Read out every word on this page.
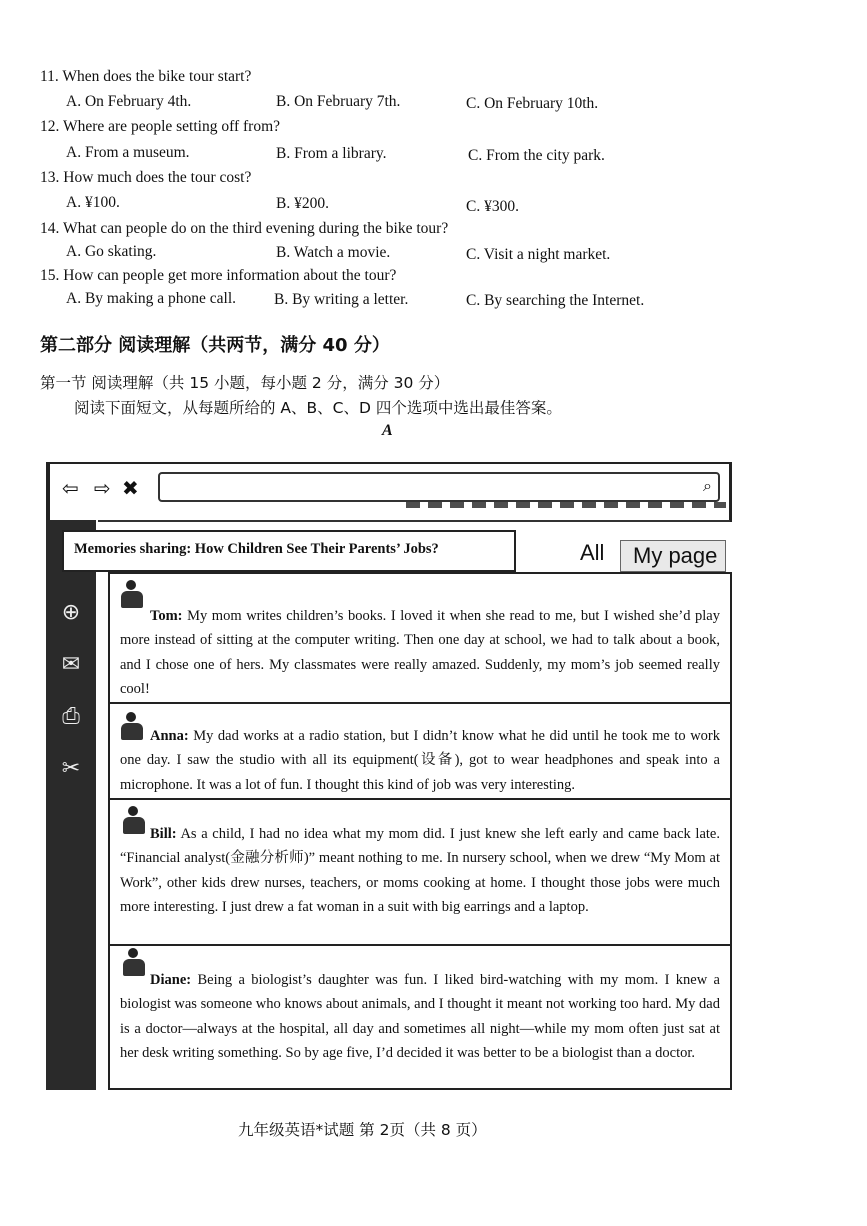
11. When does the bike tour start?
A. On February 4th.	B. On February 7th.	C. On February 10th.
12. Where are people setting off from?
A. From a museum.	B. From a library.	C. From the city park.
13. How much does the tour cost?
A. ¥100.	B. ¥200.	C. ¥300.
14. What can people do on the third evening during the bike tour?
A. Go skating.	B. Watch a movie.	C. Visit a night market.
15. How can people get more information about the tour?
A. By making a phone call. B. By writing a letter.	C. By searching the Internet.
第二部分 阅读理解（共两节，满分 40 分）
第一节 阅读理解（共 15 小题，每小题 2 分，满分 30 分）
阅读下面短文，从每题所给的 A、B、C、D 四个选项中选出最佳答案。
A
⇦ ⇨ ✖	⌕
⊕
✉
⎙
✂
Memories sharing: How Children See Their Parents’ Jobs?	All My page

Tom: My mom writes children’s books. I loved it when she read to me, but I wished she’d play more instead of sitting at the computer writing. Then one day at school, we had to talk about a book, and I chose one of hers. My classmates were really amazed. Suddenly, my mom’s job seemed really cool!

Anna: My dad works at a radio station, but I didn’t know what he did until he took me to work one day. I saw the studio with all its equipment(设备), got to wear headphones and speak into a microphone. It was a lot of fun. I thought this kind of job was very interesting.

Bill: As a child, I had no idea what my mom did. I just knew she left early and came back late. “Financial analyst(金融分析师)” meant nothing to me. In nursery school, when we drew “My Mom at Work”, other kids drew nurses, teachers, or moms cooking at home. I thought those jobs were much more interesting. I just drew a fat woman in a suit with big earrings and a laptop.

Diane: Being a biologist’s daughter was fun. I liked bird-watching with my mom. I knew a biologist was someone who knows about animals, and I thought it meant not working too hard. My dad is a doctor—always at the hospital, all day and sometimes all night—while my mom often just sat at her desk writing something. So by age five, I’d decided it was better to be a biologist than a doctor.

九年级英语*试题 第 2页（共 8 页）
